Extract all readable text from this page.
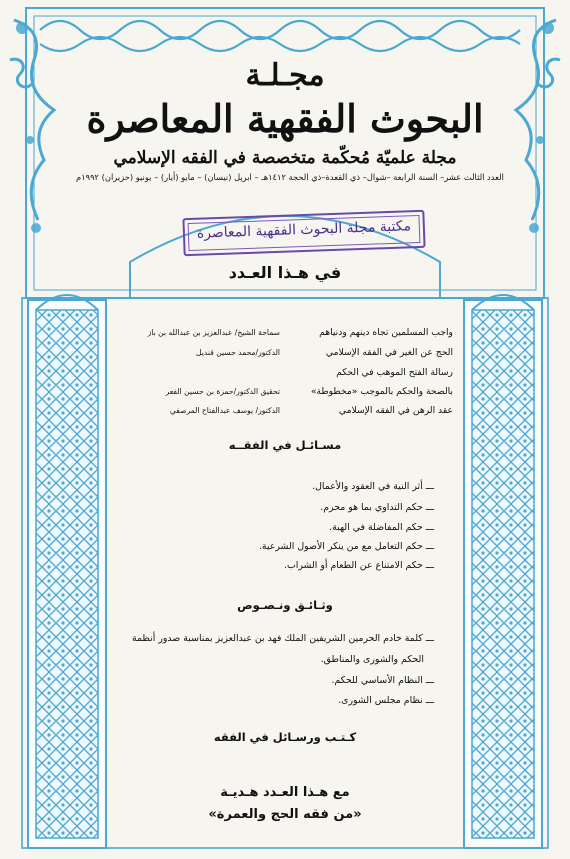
مجـلـة
البحوث الفقهية المعاصرة
مجلة علميّة مُحكّمة متخصصة في الفقه الإسلامي
العدد الثالث عشر– السنة الرابعة –شوال– ذي القعدة–ذي الحجة ١٤١٢هـ – ابريل (نيسان) – مايو (أيار) – يونيو (حزيران) ١٩٩٢م
مكتبة مجلة البحوث الفقهية المعاصرة
في هـذا العـدد
واجب المسلمين تجاه دينهم ودنياهم
سماحة الشيخ/ عبدالعزيز بن عبدالله بن باز
الحج عن الغير في الفقه الإسلامي
الدكتور/محمد حسين قنديل
رسالة الفتح الموهب في الحكم
بالصحة والحكم بالموجب «مخطوطة»
تحقيق الدكتور/حمزة بن حسين الفعر
عقد الرهن في الفقه الإسلامي
الدكتور/ يوسف عبدالفتاح المرصفي
مسـائـل في الفقــه
ـــ أثر النية في العقود والأعمال.
ـــ حكم التداوي بما هو محرم.
ـــ حكم المفاضلة في الهبة.
ـــ حكم التعامل مع من ينكر الأصول الشرعية.
ـــ حكم الامتناع عن الطعام أو الشراب.
وثـائـق ونـصـوص
ـــ كلمة خادم الحرمين الشريفين الملك فهد بن عبدالعزيز بمناسبة صدور أنظمة
الحكم والشورى والمناطق.
ـــ النظام الأساسي للحكم.
ـــ نظام مجلس الشورى.
كـتـب ورسـائل في الفقه
مع هـذا العـدد هـديـة
«من فقه الحج والعمرة»
